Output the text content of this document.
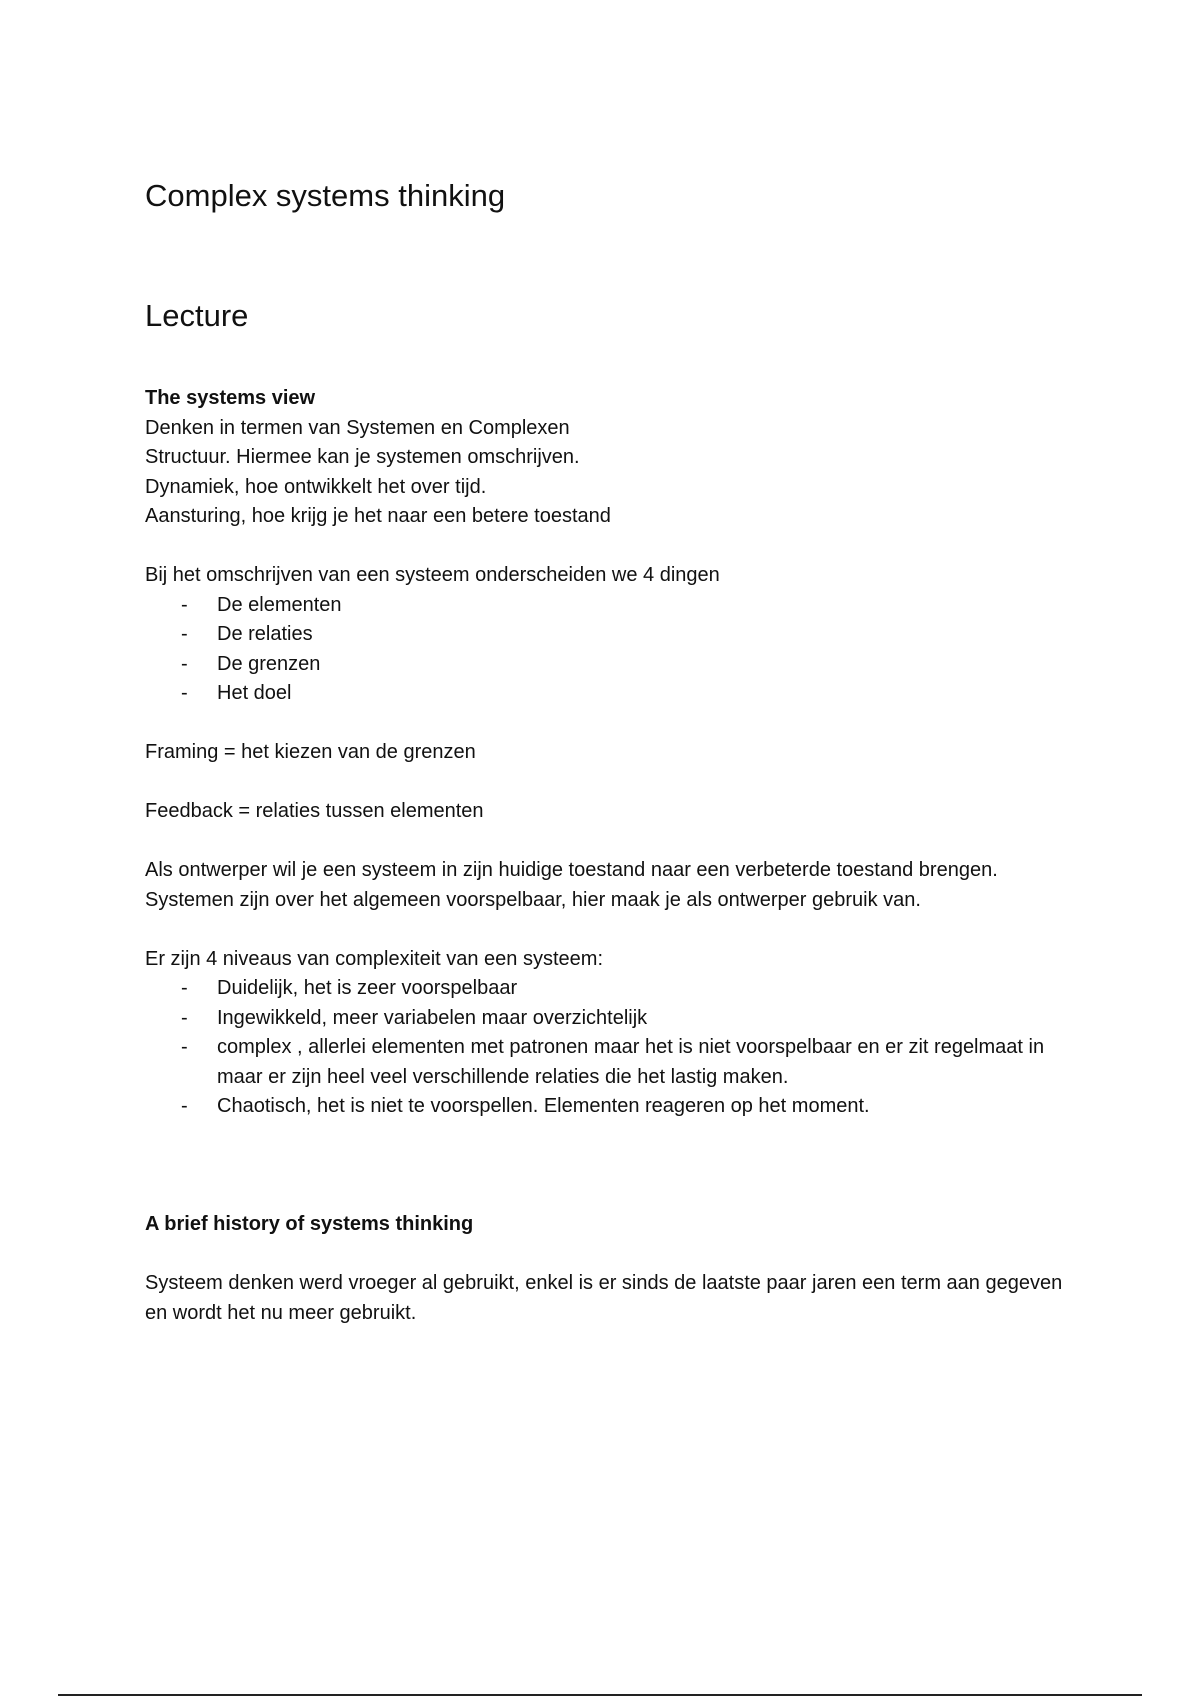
Complex systems thinking
Lecture

The systems view

Denken in termen van Systemen en Complexen

Structuur. Hiermee kan je systemen omschrijven.

Dynamiek, hoe ontwikkelt het over tijd.

Aansturing, hoe krijg je het naar een betere toestand

Bij het omschrijven van een systeem onderscheiden we 4 dingen

- De elementen
- De relaties
- De grenzen
- Het doel

Framing = het kiezen van de grenzen

Feedback = relaties tussen elementen

Als ontwerper wil je een systeem in zijn huidige toestand naar een verbeterde toestand brengen. Systemen zijn over het algemeen voorspelbaar, hier maak je als ontwerper gebruik van.

Er zijn 4 niveaus van complexiteit van een systeem:

- Duidelijk, het is zeer voorspelbaar
- Ingewikkeld, meer variabelen maar overzichtelijk
- complex , allerlei elementen met patronen maar het is niet voorspelbaar en er zit regelmaat in maar er zijn heel veel verschillende relaties die het lastig maken.
- Chaotisch, het is niet te voorspellen. Elementen reageren op het moment.

A brief history of systems thinking

Systeem denken werd vroeger al gebruikt, enkel is er sinds de laatste paar jaren een term aan gegeven en wordt het nu meer gebruikt.
